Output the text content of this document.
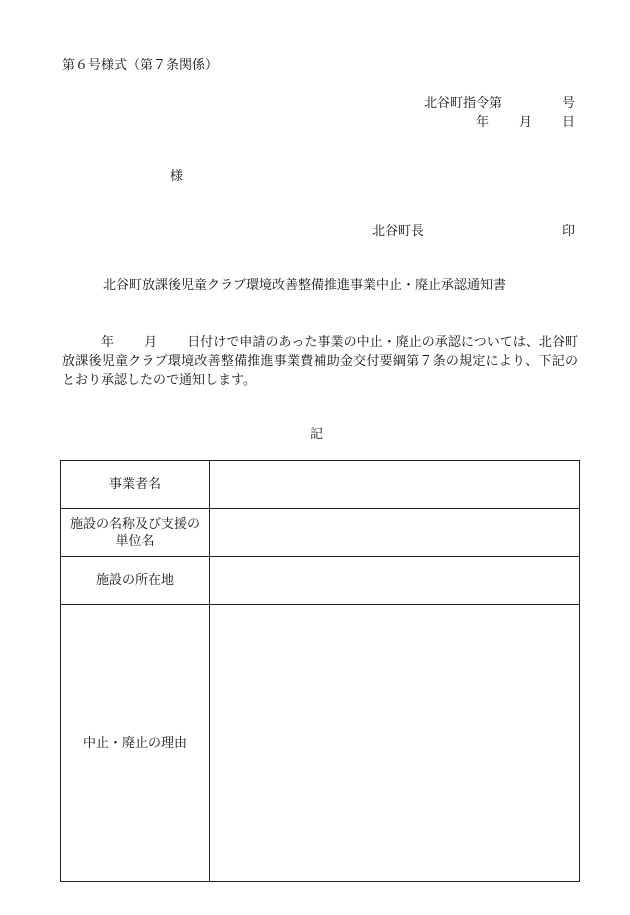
第６号様式（第７条関係）
北谷町指令第	号
年 月 日
様
北谷町長	印
北谷町放課後児童クラブ環境改善整備推進事業中止・廃止承認通知書
年 月 日付けで申請のあった事業の中止・廃止の承認については、北谷町放課後児童クラブ環境改善整備推進事業費補助金交付要綱第７条の規定により、下記のとおり承認したので通知します。
記
事業者名	
施設の名称及び支援の単位名	
施設の所在地	
中止・廃止の理由	
